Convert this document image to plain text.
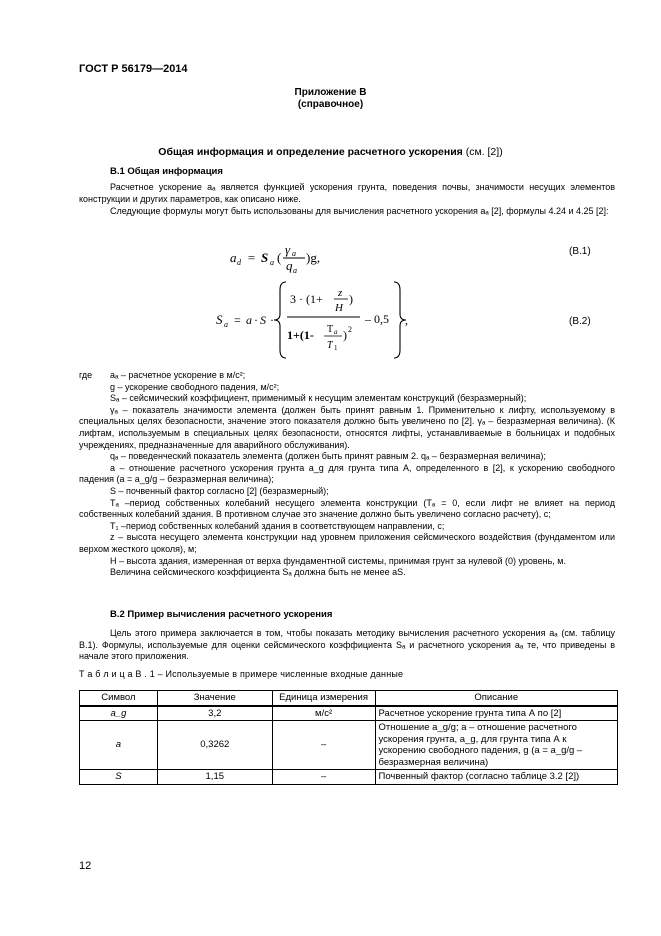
ГОСТ Р 56179—2014
Приложение В
(справочное)
Общая информация и определение расчетного ускорения (см. [2])
В.1 Общая информация
Расчетное ускорение aₐ является функцией ускорения грунта, поведения почвы, значимости несущих элементов конструкции и других параметров, как описано ниже.
Следующие формулы могут быть использованы для вычисления расчетного ускорения aₐ [2], формулы 4.24 и 4.25 [2]:
a d = S a (
γ a
q a
)g,	(В.1)
S a = a · S ·
3 · (1+ z
H
)
1+(1- T a
T 1
) 2
– 0,5 ,	(В.2)

где aₐ – расчетное ускорение в м/с²;

g – ускорение свободного падения, м/с²;

Sₐ – сейсмический коэффициент, применимый к несущим элементам конструкций (безразмерный);

γₐ – показатель значимости элемента (должен быть принят равным 1. Применительно к лифту, используемому в специальных целях безопасности, значение этого показателя должно быть увеличено по [2]. γₐ – безразмерная величина). (К лифтам, используемым в специальных целях безопасности, относятся лифты, устанавливаемые в больницах и подобных учреждениях, предназначенные для аварийного обслуживания).

qₐ – поведенческий показатель элемента (должен быть принят равным 2. qₐ – безразмерная величина);

a – отношение расчетного ускорения грунта a_g для грунта типа А, определенного в [2], к ускорению свободного падения (a = a_g/g – безразмерная величина);

S – почвенный фактор согласно [2] (безразмерный);

Tₐ –период собственных колебаний несущего элемента конструкции (Tₐ = 0, если лифт не влияет на период собственных колебаний здания. В противном случае это значение должно быть увеличено согласно расчету), с;

T₁ –период собственных колебаний здания в соответствующем направлении, с;

z – высота несущего элемента конструкции над уровнем приложения сейсмического воздействия (фундаментом или верхом жесткого цоколя), м;

H – высота здания, измеренная от верха фундаментной системы, принимая грунт за нулевой (0) уровень, м.

Величина сейсмического коэффициента Sₐ должна быть не менее aS.

В.2 Пример вычисления расчетного ускорения
Цель этого примера заключается в том, чтобы показать методику вычисления расчетного ускорения aₐ (см. таблицу В.1). Формулы, используемые для оценки сейсмического коэффициента Sₐ и расчетного ускорения aₐ те, что приведены в начале этого приложения.
Т а б л и ц а В . 1 – Используемые в примере численные входные данные
Символ	Значение	Единица измерения	Описание
a_g	3,2	м/с²	Расчетное ускорение грунта типа А по [2]
a	0,3262	–	Отношение a_g/g; a – отношение расчетного ускорения грунта, a_g, для грунта типа А к ускорению свободного падения, g (a = a_g/g – безразмерная величина)
S	1,15	–	Почвенный фактор (согласно таблице 3.2 [2])
12
